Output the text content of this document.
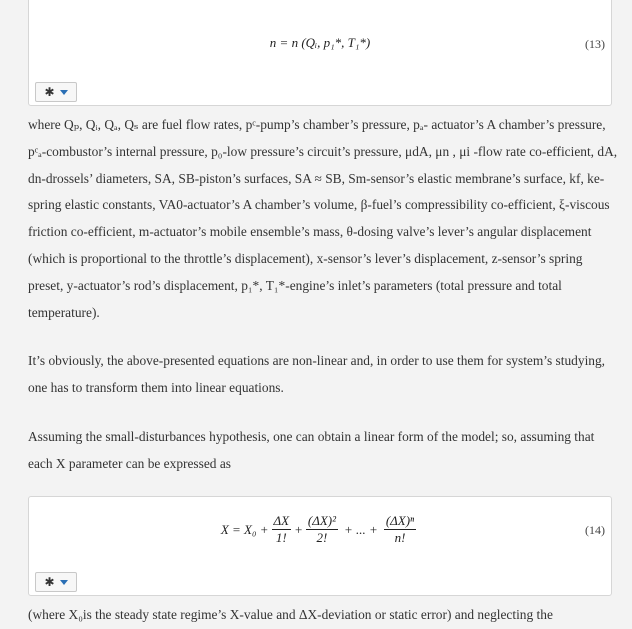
n = n (Qᵢ, p₁*, T₁*)	(13)
✱

where Qₚ, Qᵢ, Qₐ, Qₛ are fuel flow rates, pᶜ-pump’s chamber’s pressure, pₐ- actuator’s A chamber’s pressure, pᶜₐ-combustor’s internal pressure, p₀-low pressure’s circuit’s pressure, μdA, μn , μi -flow rate co-efficient, dA, dn-drossels’ diameters, SA, SB-piston’s surfaces, SA ≈ SB, Sm-sensor’s elastic membrane’s surface, kf, ke-spring elastic constants, VA0-actuator’s A chamber’s volume, β-fuel’s compressibility co-efficient, ξ-viscous friction co-efficient, m-actuator’s mobile ensemble’s mass, θ-dosing valve’s lever’s angular displacement (which is proportional to the throttle’s displacement), x-sensor’s lever’s displacement, z-sensor’s spring preset, y-actuator’s rod’s displacement, p₁*, T₁*-engine’s inlet’s parameters (total pressure and total temperature).

It’s obviously, the above-presented equations are non-linear and, in order to use them for system’s studying, one has to transform them into linear equations.

Assuming the small-disturbances hypothesis, one can obtain a linear form of the model; so, assuming that each X parameter can be expressed as

$X = X_0 + \frac{\Delta X}{1!} + \frac{\text{(ΔX)²}}{2!}$ + ... + $\frac{\text{(ΔX)ⁿ}}{n!}$	(14)
✱

(where X₀is the steady state regime’s X-value and ΔX-deviation or static error) and neglecting the
